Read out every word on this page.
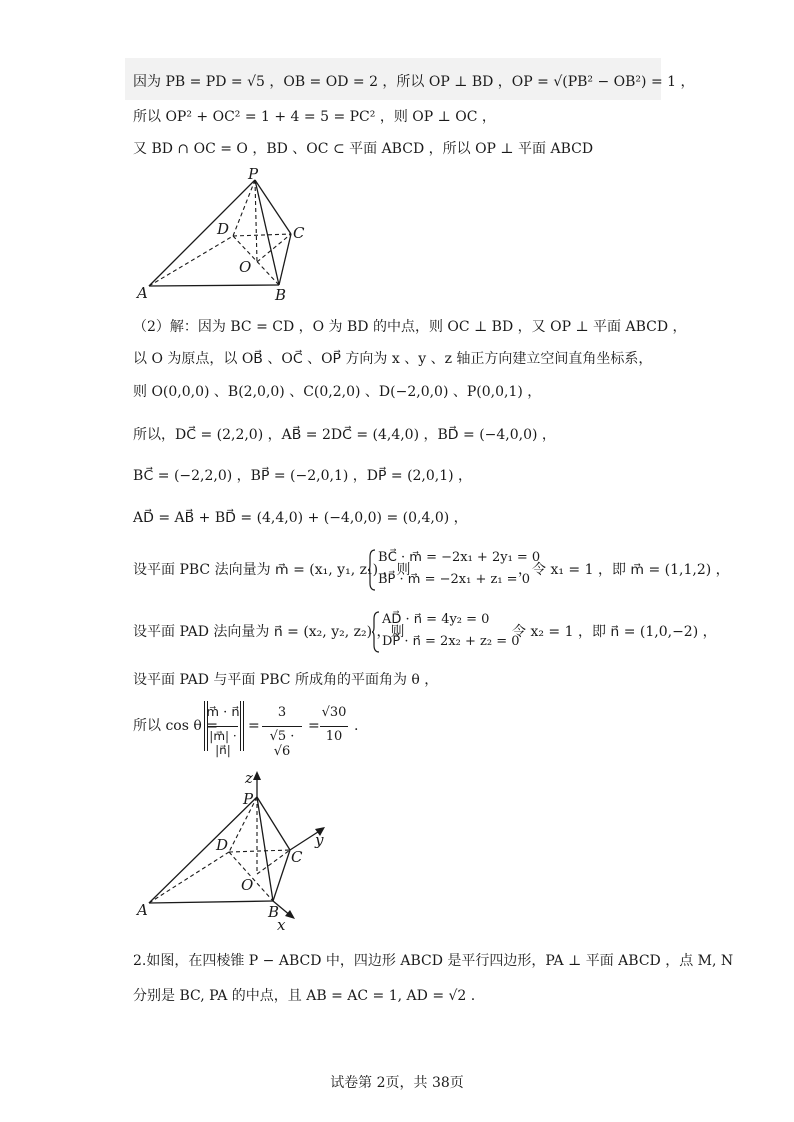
因为 PB = PD = √5 ，OB = OD = 2 ，所以 OP ⊥ BD ，OP = √(PB² − OB²) = 1 ，
所以 OP² + OC² = 1 + 4 = 5 = PC² ，则 OP ⊥ OC ，
又 BD ∩ OC = O ，BD 、OC ⊂ 平面 ABCD ，所以 OP ⊥ 平面 ABCD
P
D	C
O
A	B
（2）解：因为 BC = CD ，O 为 BD 的中点，则 OC ⊥ BD ，又 OP ⊥ 平面 ABCD ，
以 O 为原点，以 OB⃗ 、OC⃗ 、OP⃗ 方向为 x 、y 、z 轴正方向建立空间直角坐标系，
则 O(0,0,0) 、B(2,0,0) 、C(0,2,0) 、D(−2,0,0) 、P(0,0,1) ，
所以，DC⃗ = (2,2,0) ，AB⃗ = 2DC⃗ = (4,4,0) ，BD⃗ = (−4,0,0) ，
BC⃗ = (−2,2,0) ，BP⃗ = (−2,0,1) ，DP⃗ = (2,0,1) ，
AD⃗ = AB⃗ + BD⃗ = (4,4,0) + (−4,0,0) = (0,4,0) ，
设平面 PBC 法向量为 m⃗ = (x₁, y₁, z₁) ，则
BC⃗ · m⃗ = −2x₁ + 2y₁ = 0
BP⃗ · m⃗ = −2x₁ + z₁ = 0
，令 x₁ = 1 ，即 m⃗ = (1,1,2) ，
设平面 PAD 法向量为 n⃗ = (x₂, y₂, z₂) ，则
AD⃗ · n⃗ = 4y₂ = 0
DP⃗ · n⃗ = 2x₂ + z₂ = 0
令 x₂ = 1 ，即 n⃗ = (1,0,−2) ，
设平面 PAD 与平面 PBC 所成角的平面角为 θ ，
所以 cos θ =
m⃗ · n⃗
|m⃗| · |n⃗|
=
3
√5 · √6
=
√30
10
.
z
P
y
D
C
O
A	B
x
2.如图，在四棱锥 P − ABCD 中，四边形 ABCD 是平行四边形，PA ⊥ 平面 ABCD ，点 M, N
分别是 BC, PA 的中点，且 AB = AC = 1, AD = √2 .
试卷第 2页，共 38页
